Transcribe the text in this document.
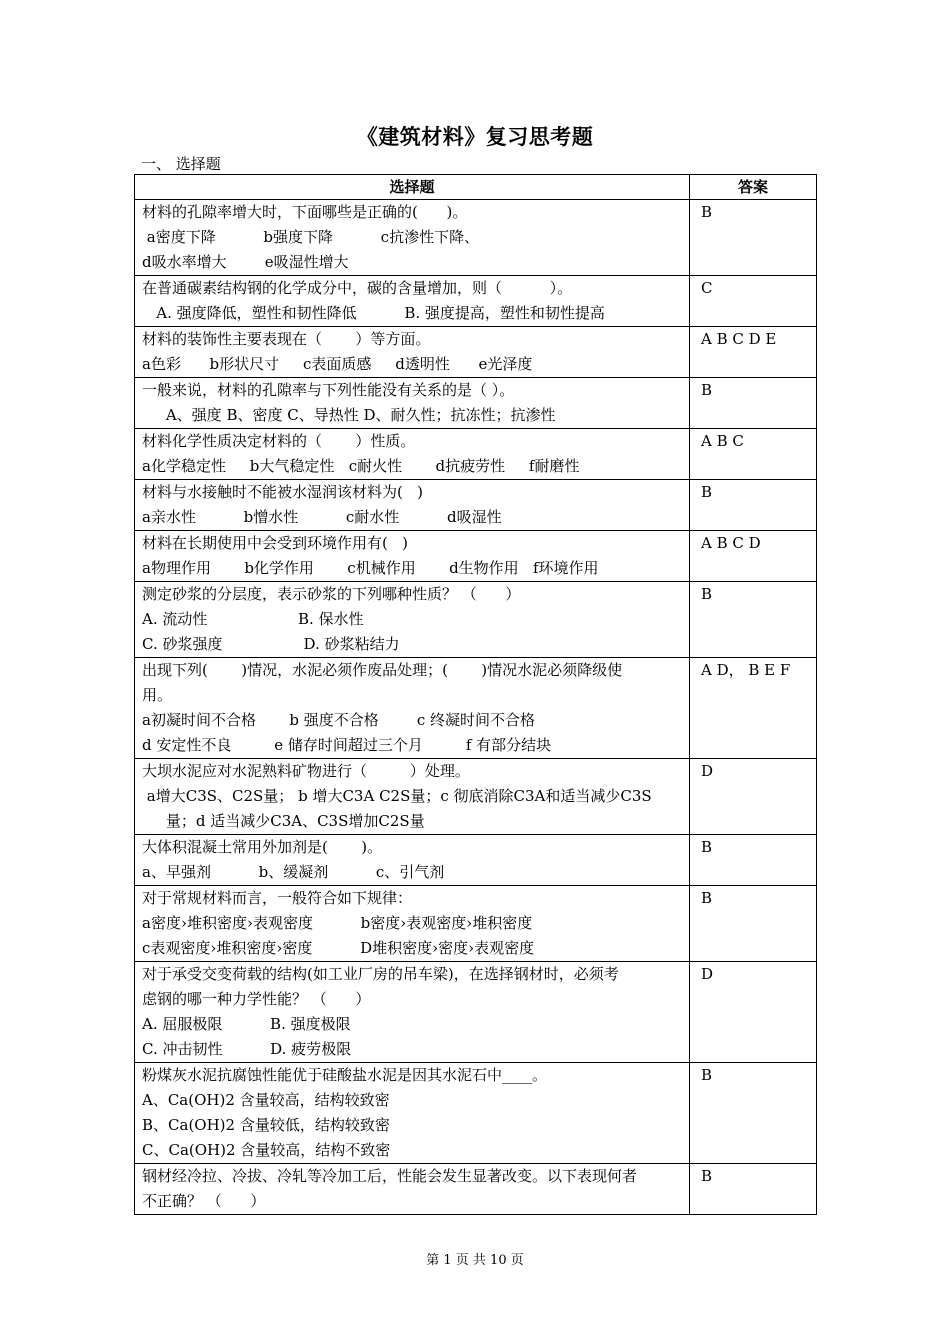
《建筑材料》复习思考题
一、 选择题
选择题	答案

材料的孔隙率增大时，下面哪些是正确的(      )。
a密度下降          b强度下降          c抗渗性下降、
d吸水率增大        e吸湿性增大	B

在普通碳素结构钢的化学成分中，碳的含量增加，则（          ）。
A. 强度降低，塑性和韧性降低          B. 强度提高，塑性和韧性提高	C

材料的装饰性主要表现在（       ）等方面。
a色彩      b形状尺寸     c表面质感     d透明性      e光泽度	A B C D E

一般来说，材料的孔隙率与下列性能没有关系的是（ ）。
A、强度 B、密度 C、导热性 D、耐久性；抗冻性；抗渗性	B

材料化学性质决定材料的（       ）性质。
a化学稳定性     b大气稳定性   c耐火性       d抗疲劳性     f耐磨性	A B C

材料与水接触时不能被水湿润该材料为(   )
a亲水性          b憎水性          c耐水性          d吸湿性	B

材料在长期使用中会受到环境作用有(   )
a物理作用       b化学作用       c机械作用       d生物作用   f环境作用	A B C D

测定砂浆的分层度，表示砂浆的下列哪种性质？ （      ）
A. 流动性                   B. 保水性
C. 砂浆强度                 D. 砂浆粘结力	B

出现下列(       )情况，水泥必须作废品处理；(       )情况水泥必须降级使
用。
a初凝时间不合格       b 强度不合格        c 终凝时间不合格
d 安定性不良         e 储存时间超过三个月         f 有部分结块	A D， B E F

大坝水泥应对水泥熟料矿物进行（         ）处理。
a增大C3S、C2S量； b 增大C3A C2S量；c 彻底消除C3A和适当减少C3S
量；d 适当减少C3A、C3S增加C2S量	D

大体积混凝土常用外加剂是(       )。
a、早强剂          b、缓凝剂          c、引气剂	B

对于常规材料而言，一般符合如下规律：
a密度›堆积密度›表观密度          b密度›表观密度›堆积密度
c表观密度›堆积密度›密度          D堆积密度›密度›表观密度	B

对于承受交变荷载的结构(如工业厂房的吊车梁)，在选择钢材时，必须考
虑钢的哪一种力学性能？ （      ）
A. 屈服极限          B. 强度极限
C. 冲击韧性          D. 疲劳极限	D

粉煤灰水泥抗腐蚀性能优于硅酸盐水泥是因其水泥石中____。
A、Ca(OH)2 含量较高，结构较致密
B、Ca(OH)2 含量较低，结构较致密
C、Ca(OH)2 含量较高，结构不致密	B

钢材经冷拉、冷拔、冷轧等冷加工后，性能会发生显著改变。以下表现何者
不正确？ （      ）	B
第 1 页 共 10 页
